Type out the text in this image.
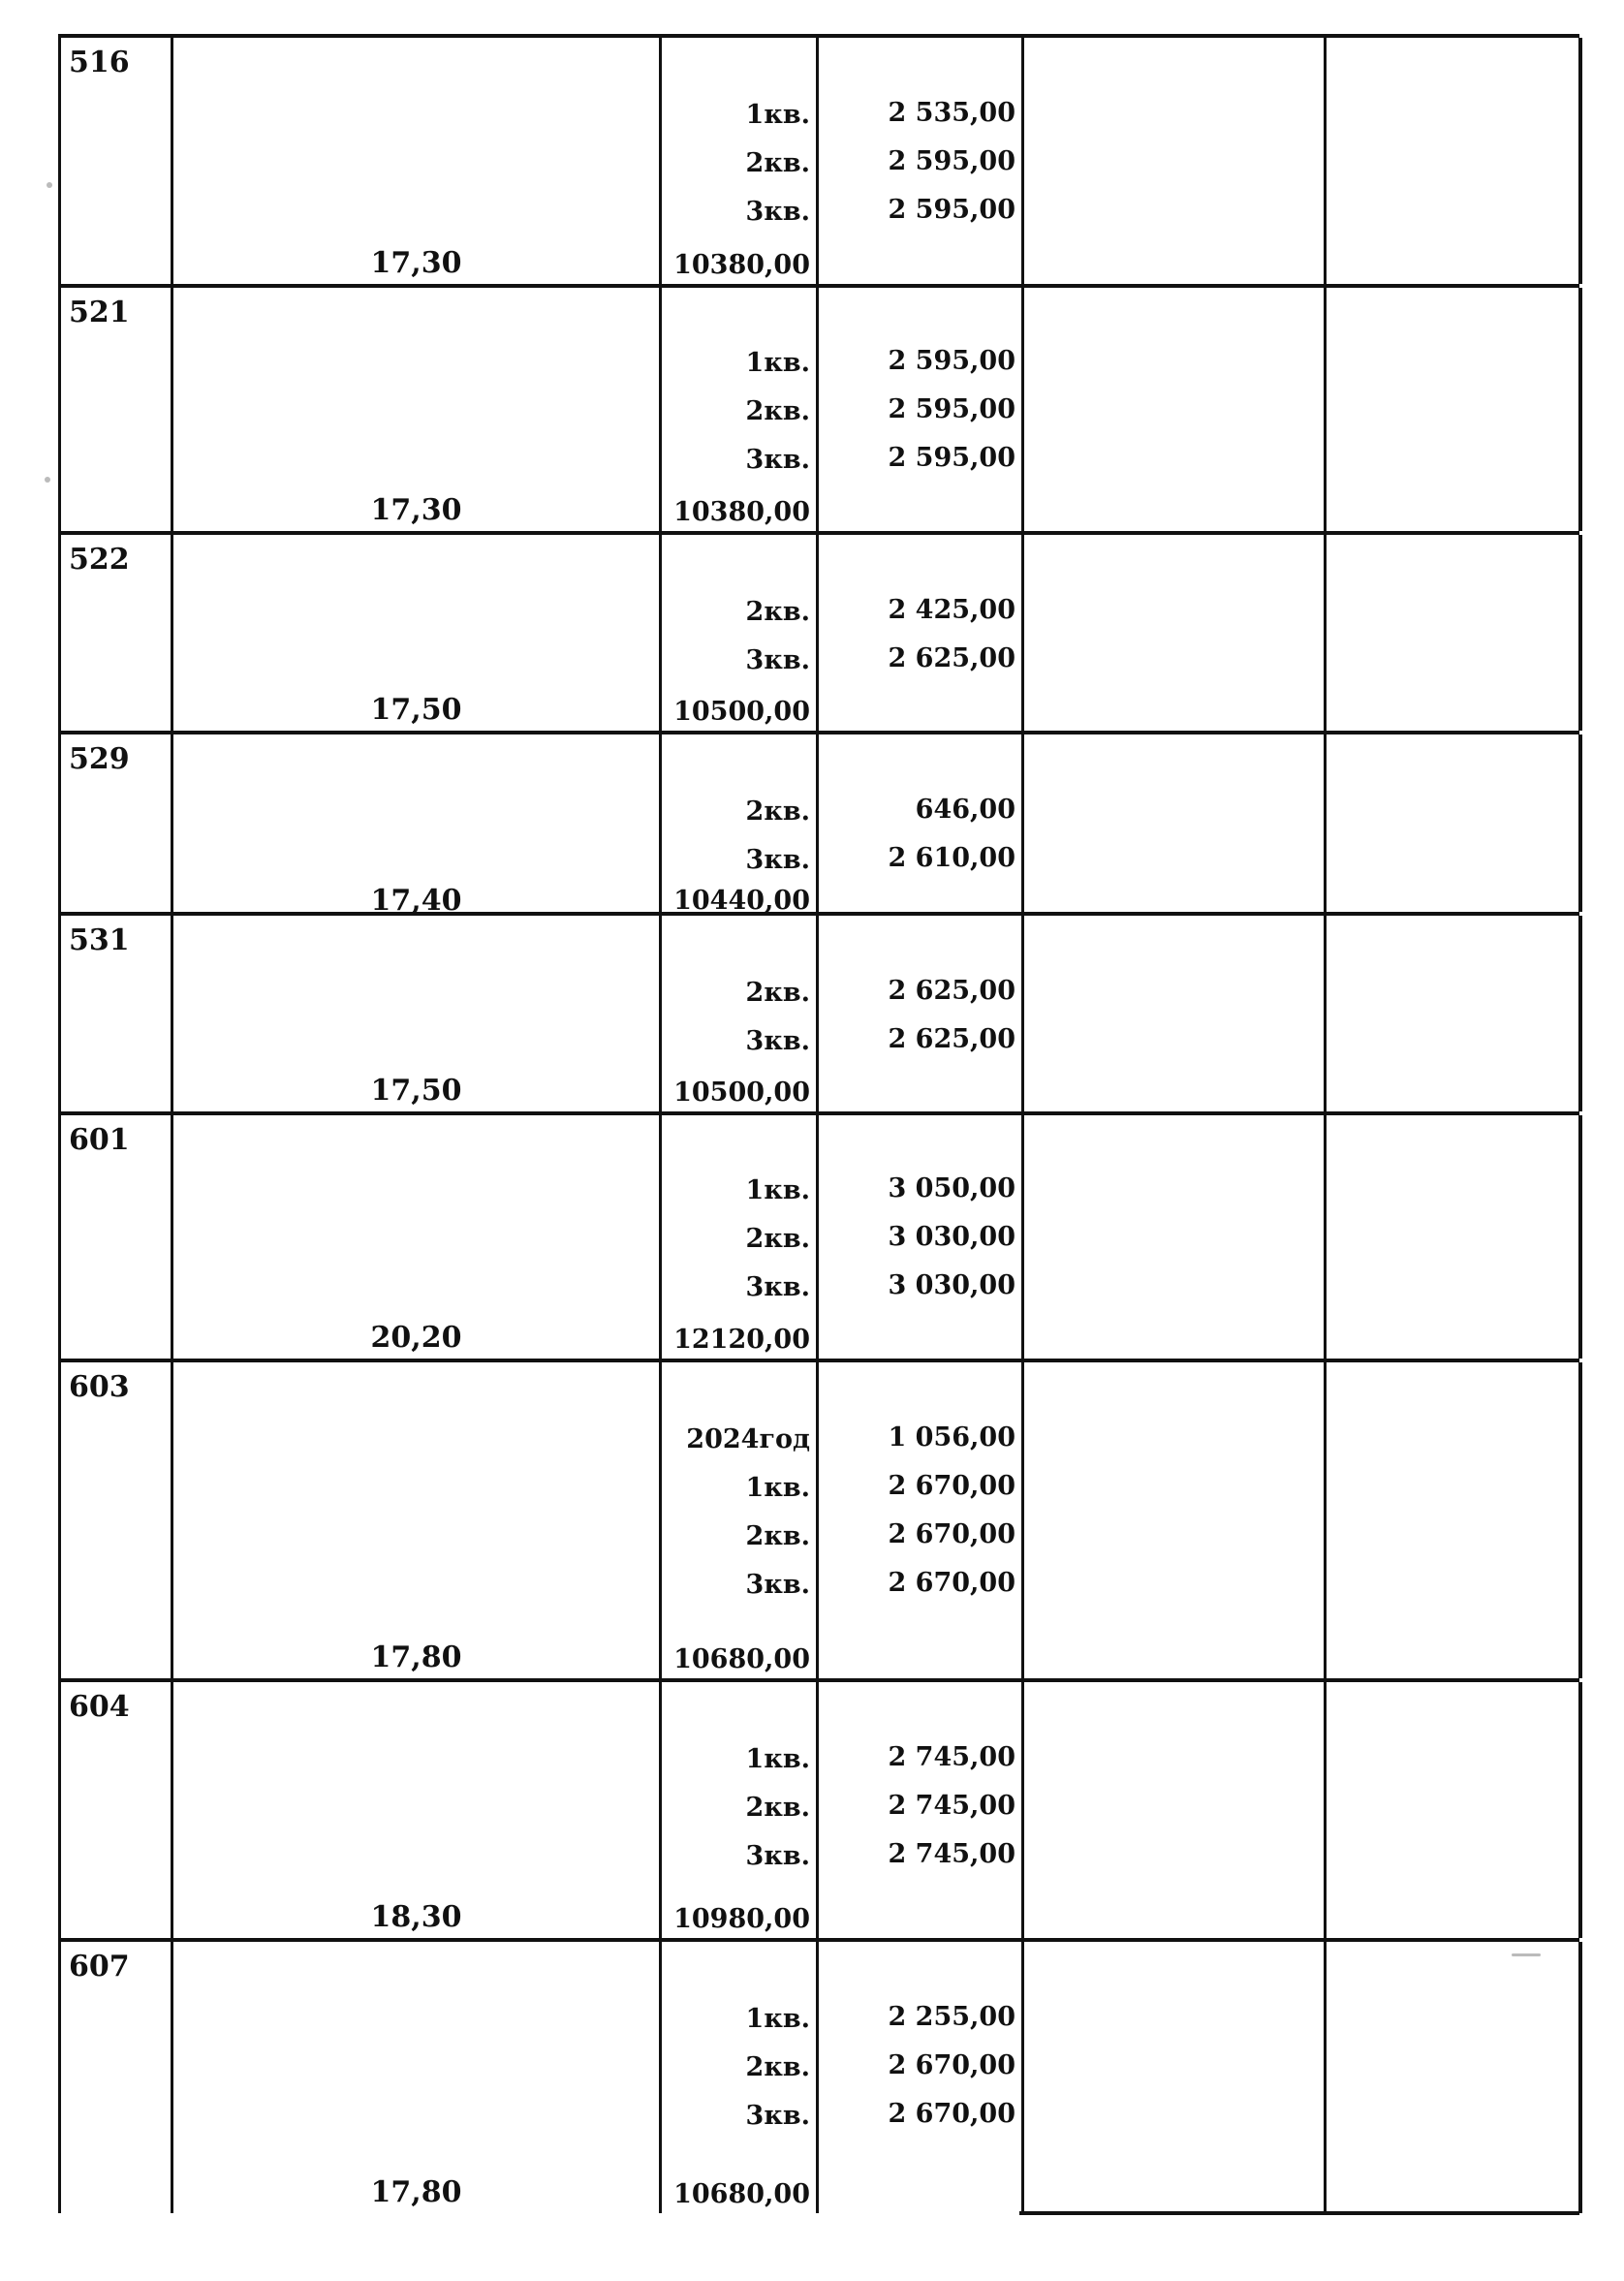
516
17,30
1кв.
2кв.
3кв.
10380,00
2 535,00
2 595,00
2 595,00
521
17,30
1кв.
2кв.
3кв.
10380,00
2 595,00
2 595,00
2 595,00
522
17,50
2кв.
3кв.
10500,00
2 425,00
2 625,00
529
17,40
2кв.
3кв.
10440,00
646,00
2 610,00
531
17,50
2кв.
3кв.
10500,00
2 625,00
2 625,00
601
20,20
1кв.
2кв.
3кв.
12120,00
3 050,00
3 030,00
3 030,00
603
17,80
2024год
1кв.
2кв.
3кв.
10680,00
1 056,00
2 670,00
2 670,00
2 670,00
604
18,30
1кв.
2кв.
3кв.
10980,00
2 745,00
2 745,00
2 745,00
607
17,80
1кв.
2кв.
3кв.
10680,00
2 255,00
2 670,00
2 670,00
